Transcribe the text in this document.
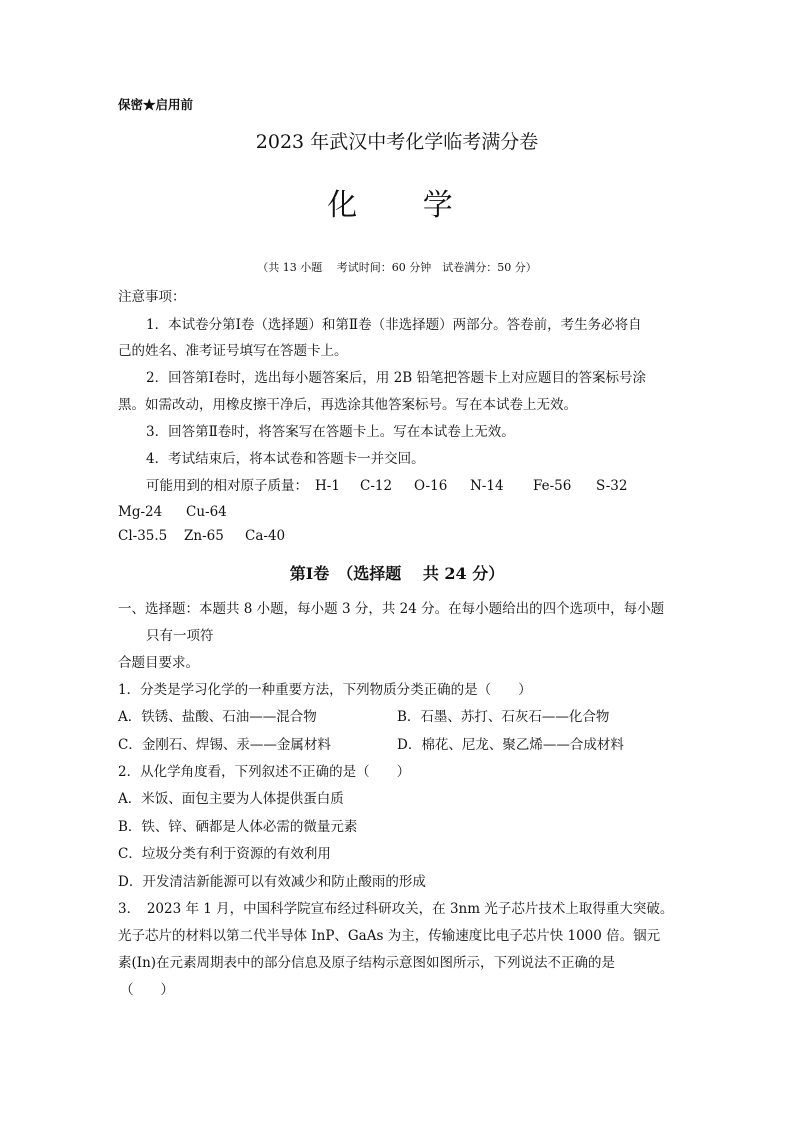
保密★启用前
2023 年武汉中考化学临考满分卷
化 学
（共 13 小题　 考试时间：60 分钟　试卷满分：50 分）
注意事项：
1．本试卷分第Ⅰ卷（选择题）和第Ⅱ卷（非选择题）两部分。答卷前，考生务必将自
己的姓名、准考证号填写在答题卡上。
2．回答第Ⅰ卷时，选出每小题答案后，用 2B 铅笔把答题卡上对应题目的答案标号涂
黑。如需改动，用橡皮擦干净后，再选涂其他答案标号。写在本试卷上无效。
3．回答第Ⅱ卷时，将答案写在答题卡上。写在本试卷上无效。
4．考试结束后，将本试卷和答题卡一并交回。
可能用到的相对原子质量： H-1 C-12 O-16 N-14 Fe-56 S-32
Mg-24 Cu-64
Cl-35.5 Zn-65 Ca-40
第Ⅰ卷　（选择题　 共 24 分）
一、选择题：本题共 8 小题，每小题 3 分，共 24 分。在每小题给出的四个选项中，每小题
只有一项符
合题目要求。
1．分类是学习化学的一种重要方法，下列物质分类正确的是（　　）
A．铁锈、盐酸、石油——混合物	B．石墨、苏打、石灰石——化合物
C．金刚石、焊锡、汞——金属材料	D．棉花、尼龙、聚乙烯——合成材料
2．从化学角度看，下列叙述不正确的是（　　）
A．米饭、面包主要为人体提供蛋白质
B．铁、锌、硒都是人体必需的微量元素
C．垃圾分类有利于资源的有效利用
D．开发清洁新能源可以有效减少和防止酸雨的形成
3．　2023 年 1 月，中国科学院宣布经过科研攻关，在 3nm 光子芯片技术上取得重大突破。
光子芯片的材料以第二代半导体 InP、GaAs 为主，传输速度比电子芯片快 1000 倍。铟元
素(In)在元素周期表中的部分信息及原子结构示意图如图所示，下列说法不正确的是
（　　）
